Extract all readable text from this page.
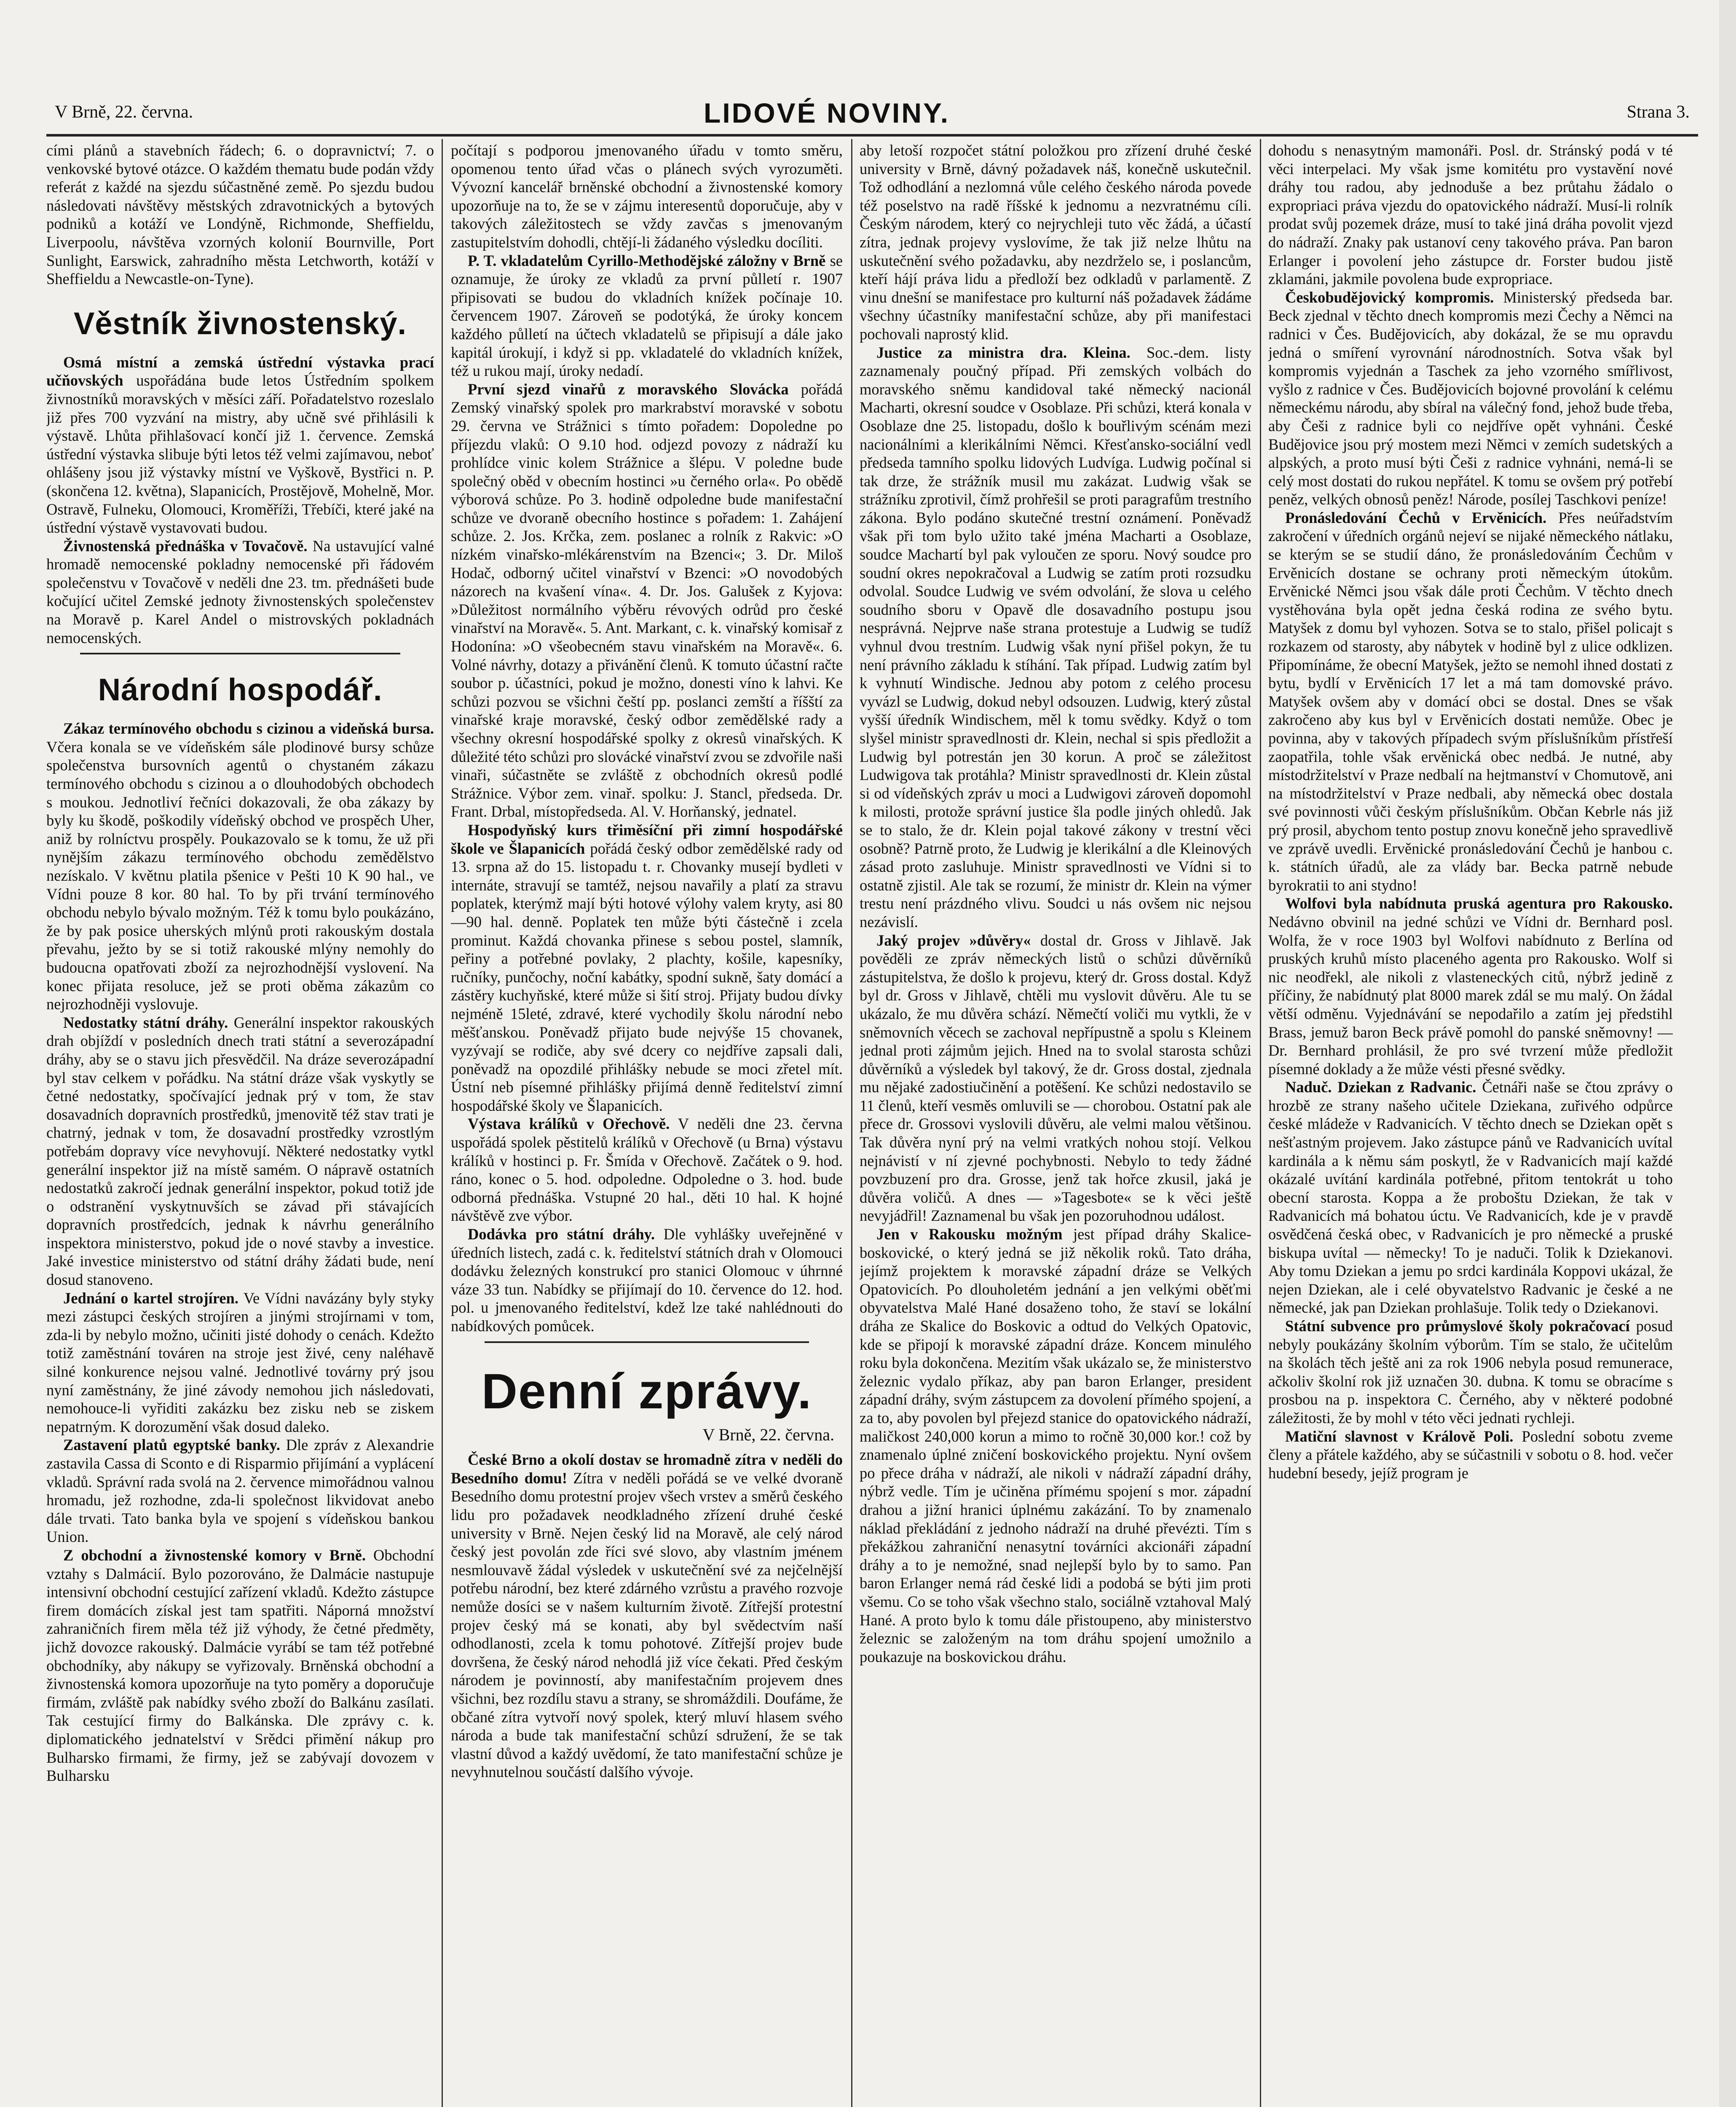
V Brně, 22. června.	LIDOVÉ NOVINY.	Strana 3.

cími plánů a stavebních řádech; 6. o dopravnictví; 7. o venkovské bytové otázce. O každém thematu bude podán vždy referát z každé na sjezdu súčastněné země. Po sjezdu budou následovati návštěvy městských zdravotnických a bytových podniků a kotáží ve Londýně, Richmonde, Sheffieldu, Liverpoolu, návštěva vzorných kolonií Bournville, Port Sunlight, Earswick, zahradního města Letchworth, kotáží v Sheffieldu a Newcastle-on-Tyne).

Věstník živnostenský.

Osmá místní a zemská ústřední výstavka prací učňovských uspořádána bude letos Ústředním spolkem živnostníků moravských v měsíci září. Pořadatelstvo rozeslalo již přes 700 vyzvání na mistry, aby učně své přihlásili k výstavě. Lhůta přihlašovací končí již 1. července. Zemská ústřední výstavka slibuje býti letos též velmi zajímavou, neboť ohlášeny jsou již výstavky místní ve Vyškově, Bystřici n. P. (skončena 12. května), Slapanicích, Prostějově, Mohelně, Mor. Ostravě, Fulneku, Olomouci, Kroměříži, Třebíči, které jaké na ústřední výstavě vystavovati budou.

Živnostenská přednáška v Tovačově. Na ustavující valné hromadě nemocenské pokladny nemocenské při řádovém společenstvu v Tovačově v neděli dne 23. tm. přednášeti bude kočující učitel Zemské jednoty živnostenských společenstev na Moravě p. Karel Andel o mistrovských pokladnách nemocenských.

Národní hospodář.

Zákaz termínového obchodu s cizinou a videňská bursa. Včera konala se ve vídeňském sále plodinové bursy schůze společenstva bursovních agentů o chystaném zákazu termínového obchodu s cizinou a o dlouhodobých obchodech s moukou. Jednotliví řečníci dokazovali, že oba zákazy by byly ku škodě, poškodily vídeňský obchod ve prospěch Uher, aniž by rolníctvu prospěly. Poukazovalo se k tomu, že už při nynějším zákazu termínového obchodu zemědělstvo nezískalo. V květnu platila pšenice v Pešti 10 K 90 hal., ve Vídni pouze 8 kor. 80 hal. To by při trvání termínového obchodu nebylo bývalo možným. Též k tomu bylo poukázáno, že by pak posice uherských mlýnů proti rakouským dostala převahu, ježto by se si totiž rakouské mlýny nemohly do budoucna opatřovati zboží za nejrozhodnější vyslovení. Na konec přijata resoluce, jež se proti oběma zákazům co nejrozhodněji vyslovuje.

Nedostatky státní dráhy. Generální inspektor rakouských drah objíždí v posledních dnech trati státní a severozápadní dráhy, aby se o stavu jich přesvědčil. Na dráze severozápadní byl stav celkem v pořádku. Na státní dráze však vyskytly se četné nedostatky, spočívající jednak prý v tom, že stav dosavadních dopravních prostředků, jmenovitě též stav trati je chatrný, jednak v tom, že dosavadní prostředky vzrostlým potřebám dopravy více nevyhovují. Některé nedostatky vytkl generální inspektor již na místě samém. O nápravě ostatních nedostatků zakročí jednak generální inspektor, pokud totiž jde o odstranění vyskytnuvších se závad při stávajících dopravních prostředcích, jednak k návrhu generálního inspektora ministerstvo, pokud jde o nové stavby a investice. Jaké investice ministerstvo od státní dráhy žádati bude, není dosud stanoveno.

Jednání o kartel strojíren. Ve Vídni navázány byly styky mezi zástupci českých strojíren a jinými strojírnami v tom, zda-li by nebylo možno, učiniti jisté dohody o cenách. Kdežto totiž zaměstnání továren na stroje jest živé, ceny naléhavě silné konkurence nejsou valné. Jednotlivé továrny prý jsou nyní zaměstnány, že jiné závody nemohou jich následovati, nemohouce-li vyřiditi zakázku bez zisku neb se ziskem nepatrným. K dorozumění však dosud daleko.

Zastavení platů egyptské banky. Dle zpráv z Alexandrie zastavila Cassa di Sconto e di Risparmio přijímání a vyplácení vkladů. Správní rada svolá na 2. července mimořádnou valnou hromadu, jež rozhodne, zda-li společnost likvidovat anebo dále trvati. Tato banka byla ve spojení s vídeňskou bankou Union.

Z obchodní a živnostenské komory v Brně. Obchodní vztahy s Dalmácií. Bylo pozorováno, že Dalmácie nastupuje intensivní obchodní cestující zařízení vkladů. Kdežto zástupce firem domácích získal jest tam spatřiti. Náporná množství zahraničních firem měla též již výhody, že četné předměty, jichž dovozce rakouský. Dalmácie vyrábí se tam též potřebné obchodníky, aby nákupy se vyřizovaly. Brněnská obchodní a živnostenská komora upozorňuje na tyto poměry a doporučuje firmám, zvláště pak nabídky svého zboží do Balkánu zasílati. Tak cestující firmy do Balkánska. Dle zprávy c. k. diplomatického jednatelství v Srědci přimění nákup pro Bulharsko firmami, že firmy, jež se zabývají dovozem v Bulharsku

počítají s podporou jmenovaného úřadu v tomto směru, opomenou tento úřad včas o plánech svých vyrozuměti. Vývozní kancelář brněnské obchodní a živnostenské komory upozorňuje na to, že se v zájmu interesentů doporučuje, aby v takových záležitostech se vždy zavčas s jmenovaným zastupitelstvím dohodli, chtějí-li žádaného výsledku docíliti.

P. T. vkladatelům Cyrillo-Methodějské záložny v Brně se oznamuje, že úroky ze vkladů za první půlletí r. 1907 připisovati se budou do vkladních knížek počínaje 10. červencem 1907. Zároveň se podotýká, že úroky koncem každého půlletí na účtech vkladatelů se připisují a dále jako kapitál úrokují, i když si pp. vkladatelé do vkladních knížek, též u rukou mají, úroky nedadí.

První sjezd vinařů z moravského Slovácka pořádá Zemský vinařský spolek pro markrabství moravské v sobotu 29. června ve Strážnici s tímto pořadem: Dopoledne po příjezdu vlaků: O 9.10 hod. odjezd povozy z nádraží ku prohlídce vinic kolem Strážnice a šlépu. V poledne bude společný oběd v obecním hostinci »u černého orla«. Po obědě výborová schůze. Po 3. hodině odpoledne bude manifestační schůze ve dvoraně obecního hostince s pořadem: 1. Zahájení schůze. 2. Jos. Krčka, zem. poslanec a rolník z Rakvic: »O nízkém vinařsko-mlékárenstvím na Bzenci«; 3. Dr. Miloš Hodač, odborný učitel vinařství v Bzenci: »O novodobých názorech na kvašení vína«. 4. Dr. Jos. Galušek z Kyjova: »Důležitost normálního výběru révových odrůd pro české vinařství na Moravě«. 5. Ant. Markant, c. k. vinařský komisař z Hodonína: »O všeobecném stavu vinařském na Moravě«. 6. Volné návrhy, dotazy a přivánění členů. K tomuto účastní račte soubor p. účastníci, pokud je možno, donesti víno k lahvi. Ke schůzi pozvou se všichni čeští pp. poslanci zemští a říšští za vinařské kraje moravské, český odbor zemědělské rady a všechny okresní hospodářské spolky z okresů vinařských. K důležité této schůzi pro slovácké vinařství zvou se zdvořile naši vinaři, súčastněte se zvláště z obchodních okresů podlé Strážnice. Výbor zem. vinař. spolku: J. Stancl, předseda. Dr. Frant. Drbal, místopředseda. Al. V. Horňanský, jednatel.

Hospodyňský kurs třiměsíční při zimní hospodářské škole ve Šlapanicích pořádá český odbor zemědělské rady od 13. srpna až do 15. listopadu t. r. Chovanky musejí bydleti v internáte, stravují se tamtéž, nejsou navařily a platí za stravu poplatek, kterýmž mají býti hotové výlohy valem kryty, asi 80—90 hal. denně. Poplatek ten může býti částečně i zcela prominut. Každá chovanka přinese s sebou postel, slamník, peřiny a potřebné povlaky, 2 plachty, košile, kapesníky, ručníky, punčochy, noční kabátky, spodní sukně, šaty domácí a zástěry kuchyňské, které může si šití stroj. Přijaty budou dívky nejméně 15leté, zdravé, které vychodily školu národní nebo měšťanskou. Poněvadž přijato bude nejvýše 15 chovanek, vyzývají se rodiče, aby své dcery co nejdříve zapsali dali, poněvadž na opozdilé přihlášky nebude se moci zřetel mít. Ústní neb písemné přihlášky přijímá denně ředitelství zimní hospodářské školy ve Šlapanicích.

Výstava králíků v Ořechově. V neděli dne 23. června uspořádá spolek pěstitelů králíků v Ořechově (u Brna) výstavu králíků v hostinci p. Fr. Šmída v Ořechově. Začátek o 9. hod. ráno, konec o 5. hod. odpoledne. Odpoledne o 3. hod. bude odborná přednáška. Vstupné 20 hal., děti 10 hal. K hojné návštěvě zve výbor.

Dodávka pro státní dráhy. Dle vyhlášky uveřejněné v úředních listech, zadá c. k. ředitelství státních drah v Olomouci dodávku železných konstrukcí pro stanici Olomouc v úhrnné váze 33 tun. Nabídky se přijímají do 10. července do 12. hod. pol. u jmenovaného ředitelství, kdež lze také nahlédnouti do nabídkových pomůcek.

Denní zprávy.
V Brně, 22. června.

České Brno a okolí dostav se hromadně zítra v neděli do Besedního domu! Zítra v neděli pořádá se ve velké dvoraně Besedního domu protestní projev všech vrstev a směrů českého lidu pro požadavek neodkladného zřízení druhé české university v Brně. Nejen český lid na Moravě, ale celý národ český jest povolán zde říci své slovo, aby vlastním jménem nesmlouvavě žádal výsledek v uskutečnění své za nejčelnější potřebu národní, bez které zdárného vzrůstu a pravého rozvoje nemůže dosíci se v našem kulturním životě. Zítřejší protestní projev český má se konati, aby byl svědectvím naší odhodlanosti, zcela k tomu pohotové. Zítřejší projev bude dovršena, že český národ nehodlá již více čekati. Před českým národem je povinností, aby manifestačním projevem dnes všichni, bez rozdílu stavu a strany, se shromáždili. Doufáme, že občané zítra vytvoří nový spolek, který mluví hlasem svého národa a bude tak manifestační schůzí sdružení, že se tak vlastní důvod a každý uvědomí, že tato manifestační schůze je nevyhnutelnou součástí dalšího vývoje.

aby letoší rozpočet státní položkou pro zřízení druhé české university v Brně, dávný požadavek náš, konečně uskutečnil. Tož odhodlání a nezlomná vůle celého českého národa povede též poselstvo na radě říšské k jednomu a nezvratnému cíli. Českým národem, který co nejrychleji tuto věc žádá, a účastí zítra, jednak projevy vyslovíme, že tak již nelze lhůtu na uskutečnění svého požadavku, aby nezdrželo se, i poslancům, kteří hájí práva lidu a předloží bez odkladů v parlamentě. Z vinu dnešní se manifestace pro kulturní náš požadavek žádáme všechny účastníky manifestační schůze, aby při manifestaci pochovali naprostý klid.

Justice za ministra dra. Kleina. Soc.-dem. listy zaznamenaly poučný případ. Při zemských volbách do moravského sněmu kandidoval také německý nacionál Macharti, okresní soudce v Osoblaze. Při schůzi, která konala v Osoblaze dne 25. listopadu, došlo k bouřlivým scénám mezi nacionálními a klerikálními Němci. Křesťansko-sociální vedl předseda tamního spolku lidových Ludvíga. Ludwig počínal si tak drze, že strážník musil mu zakázat. Ludwig však se strážníku zprotivil, čímž prohřešil se proti paragrafům trestního zákona. Bylo podáno skutečné trestní oznámení. Poněvadž však při tom bylo užito také jména Macharti a Osoblaze, soudce Machartí byl pak vyloučen ze sporu. Nový soudce pro soudní okres nepokračoval a Ludwig se zatím proti rozsudku odvolal. Soudce Ludwig ve svém odvolání, že slova u celého soudního sboru v Opavě dle dosavadního postupu jsou nesprávná. Nejprve naše strana protestuje a Ludwig se tudíž vyhnul dvou trestním. Ludwig však nyní přišel pokyn, že tu není právního základu k stíhání. Tak případ. Ludwig zatím byl k vyhnutí Windische. Jednou aby potom z celého procesu vyvázl se Ludwig, dokud nebyl odsouzen. Ludwig, který zůstal vyšší úředník Windischem, měl k tomu svědky. Když o tom slyšel ministr spravedlnosti dr. Klein, nechal si spis předložit a Ludwig byl potrestán jen 30 korun. A proč se záležitost Ludwigova tak protáhla? Ministr spravedlnosti dr. Klein zůstal si od vídeňských zpráv u moci a Ludwigovi zároveň dopomohl k milosti, protože správní justice šla podle jiných ohledů. Jak se to stalo, že dr. Klein pojal takové zákony v trestní věci osobně? Patrně proto, že Ludwig je klerikální a dle Kleinových zásad proto zasluhuje. Ministr spravedlnosti ve Vídni si to ostatně zjistil. Ale tak se rozumí, že ministr dr. Klein na výmer trestu není prázdného vlivu. Soudci u nás ovšem nic nejsou nezávislí.

Jaký projev »důvěry« dostal dr. Gross v Jihlavě. Jak pověděli ze zpráv německých listů o schůzi důvěrníků zástupitelstva, že došlo k projevu, který dr. Gross dostal. Když byl dr. Gross v Jihlavě, chtěli mu vyslovit důvěru. Ale tu se ukázalo, že mu důvěra schází. Němečtí voliči mu vytkli, že v sněmovních věcech se zachoval nepřípustně a spolu s Kleinem jednal proti zájmům jejich. Hned na to svolal starosta schůzi důvěrníků a výsledek byl takový, že dr. Gross dostal, zjednala mu nějaké zadostiučinění a potěšení. Ke schůzi nedostavilo se 11 členů, kteří vesměs omluvili se — chorobou. Ostatní pak ale přece dr. Grossovi vyslovili důvěru, ale velmi malou většinou. Tak důvěra nyní prý na velmi vratkých nohou stojí. Velkou nejnávistí v ní zjevné pochybnosti. Nebylo to tedy žádné povzbuzení pro dra. Grosse, jenž tak hořce zkusil, jaká je důvěra voličů. A dnes — »Tagesbote« se k věci ještě nevyjádřil! Zaznamenal bu však jen pozoruhodnou událost.

Jen v Rakousku možným jest případ dráhy Skalice-boskovické, o který jedná se již několik roků. Tato dráha, jejímž projektem k moravské západní dráze se Velkých Opatovicích. Po dlouholetém jednání a jen velkými oběťmi obyvatelstva Malé Hané dosaženo toho, že staví se lokální dráha ze Skalice do Boskovic a odtud do Velkých Opatovic, kde se připojí k moravské západní dráze. Koncem minulého roku byla dokončena. Mezitím však ukázalo se, že ministerstvo železnic vydalo příkaz, aby pan baron Erlanger, president západní dráhy, svým zástupcem za dovolení přímého spojení, a za to, aby povolen byl přejezd stanice do opatovického nádraží, maličkost 240,000 korun a mimo to ročně 30,000 kor.! což by znamenalo úplné zničení boskovického projektu. Nyní ovšem po přece dráha v nádraží, ale nikoli v nádraží západní dráhy, nýbrž vedle. Tím je učiněna přímému spojení s mor. západní drahou a jižní hranici úplnému zakázání. To by znamenalo náklad překládání z jednoho nádraží na druhé převézti. Tím s překážkou zahraniční nenasytní továrníci akcionáři západní dráhy a to je nemožné, snad nejlepší bylo by to samo. Pan baron Erlanger nemá rád české lidi a podobá se býti jim proti všemu. Co se toho však všechno stalo, sociálně vztahoval Malý Hané. A proto bylo k tomu dále přistoupeno, aby ministerstvo železnic se založeným na tom dráhu spojení umožnilo a poukazuje na boskovickou dráhu.

dohodu s nenasytným mamonáři. Posl. dr. Stránský podá v té věci interpelaci. My však jsme komitétu pro vystavění nové dráhy tou radou, aby jednoduše a bez průtahu žádalo o expropriaci práva vjezdu do opatovického nádraží. Musí-li rolník prodat svůj pozemek dráze, musí to také jiná dráha povolit vjezd do nádraží. Znaky pak ustanoví ceny takového práva. Pan baron Erlanger i povolení jeho zástupce dr. Forster budou jistě zklamáni, jakmile povolena bude expropriace.

Českobudějovický kompromis. Ministerský předseda bar. Beck zjednal v těchto dnech kompromis mezi Čechy a Němci na radnici v Čes. Budějovicích, aby dokázal, že se mu opravdu jedná o smíření vyrovnání národnostních. Sotva však byl kompromis vyjednán a Taschek za jeho vzorného smířlivost, vyšlo z radnice v Čes. Budějovicích bojovné provolání k celému německému národu, aby sbíral na válečný fond, jehož bude třeba, aby Češi z radnice byli co nejdříve opět vyhnáni. České Budějovice jsou prý mostem mezi Němci v zemích sudetských a alpských, a proto musí býti Češi z radnice vyhnáni, nemá-li se celý most dostati do rukou nepřátel. K tomu se ovšem prý potřebí peněz, velkých obnosů peněz! Národe, posílej Taschkovi peníze!

Pronásledování Čechů v Ervěnicích. Přes neúřadstvím zakročení v úředních orgánů nejeví se nijaké německého nátlaku, se kterým se se studií dáno, že pronásledováním Čechům v Ervěnicích dostane se ochrany proti německým útokům. Ervěnické Němci jsou však dále proti Čechům. V těchto dnech vystěhována byla opět jedna česká rodina ze svého bytu. Matyšek z domu byl vyhozen. Sotva se to stalo, přišel policajt s rozkazem od starosty, aby nábytek v hodině byl z ulice odklizen. Připomínáme, že obecní Matyšek, ježto se nemohl ihned dostati z bytu, bydlí v Ervěnicích 17 let a má tam domovské právo. Matyšek ovšem aby v domácí obci se dostal. Dnes se však zakročeno aby kus byl v Ervěnicích dostati nemůže. Obec je povinna, aby v takových případech svým příslušníkům přístřeší zaopatřila, tohle však ervěnická obec nedbá. Je nutné, aby místodržitelství v Praze nedbalí na hejtmanství v Chomutově, ani na místodržitelství v Praze nedbali, aby německá obec dostala své povinnosti vůči českým příslušníkům. Občan Kebrle nás již prý prosil, abychom tento postup znovu konečně jeho spravedlivě ve zprávě uvedli. Ervěnické pronásledování Čechů je hanbou c. k. státních úřadů, ale za vlády bar. Becka patrně nebude byrokratii to ani stydno!

Wolfovi byla nabídnuta pruská agentura pro Rakousko. Nedávno obvinil na jedné schůzi ve Vídni dr. Bernhard posl. Wolfa, že v roce 1903 byl Wolfovi nabídnuto z Berlína od pruských kruhů místo placeného agenta pro Rakousko. Wolf si nic neodřekl, ale nikoli z vlasteneckých citů, nýbrž jedině z příčiny, že nabídnutý plat 8000 marek zdál se mu malý. On žádal větší odměnu. Vyjednávání se nepodařilo a zatím jej předstihl Brass, jemuž baron Beck právě pomohl do panské sněmovny! — Dr. Bernhard prohlásil, že pro své tvrzení může předložit písemné doklady a že může vésti přesné svědky.

Naduč. Dziekan z Radvanic. Četnáři naše se čtou zprávy o hrozbě ze strany našeho učitele Dziekana, zuřivého odpůrce české mládeže v Radvanicích. V těchto dnech se Dziekan opět s nešťastným projevem. Jako zástupce pánů ve Radvanicích uvítal kardinála a k němu sám poskytl, že v Radvanicích mají každé okázalé uvítání kardinála potřebné, přitom tentokrát u toho obecní starosta. Koppa a že proboštu Dziekan, že tak v Radvanicích má bohatou úctu. Ve Radvanicích, kde je v pravdě osvědčená česká obec, v Radvanicích je pro německé a pruské biskupa uvítal — německy! To je naduči. Tolik k Dziekanovi. Aby tomu Dziekan a jemu po srdci kardinála Koppovi ukázal, že nejen Dziekan, ale i celé obyvatelstvo Radvanic je české a ne německé, jak pan Dziekan prohlašuje. Tolik tedy o Dziekanovi.

Státní subvence pro průmyslové školy pokračovací posud nebyly poukázány školním výborům. Tím se stalo, že učitelům na školách těch ještě ani za rok 1906 nebyla posud remunerace, ačkoliv školní rok již uznačen 30. dubna. K tomu se obracíme s prosbou na p. inspektora C. Černého, aby v některé podobné záležitosti, že by mohl v této věci jednati rychleji.

Matiční slavnost v Králově Poli. Poslední sobotu zveme členy a přátele každého, aby se súčastnili v sobotu o 8. hod. večer hudební besedy, jejíž program je
